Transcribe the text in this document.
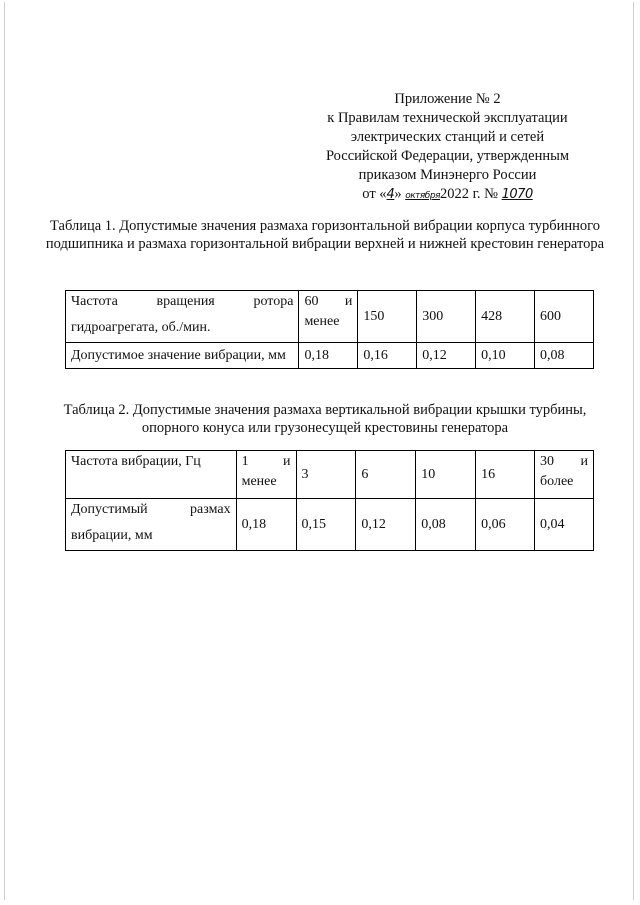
Приложение № 2
к Правилам технической эксплуатации
электрических станций и сетей
Российской Федерации, утвержденным
приказом Минэнерго России
от «4» октября2022 г. № 1070
Таблица 1. Допустимые значения размаха горизонтальной вибрации корпуса турбинного подшипника и размаха горизонтальной вибрации верхней и нижней крестовин генератора
Частота вращения ротора
гидроагрегата, об./мин.	60 и менее	150	300	428	600
Допустимое значение вибрации, мм	0,18	0,16	0,12	0,10	0,08
Таблица 2. Допустимые значения размаха вертикальной вибрации крышки турбины, опорного конуса или грузонесущей крестовины генератора
Частота вибрации, Гц	1 и менее	3	6	10	16	30 и более

Допустимый размах
вибрации, мм	0,18	0,15	0,12	0,08	0,06	0,04
